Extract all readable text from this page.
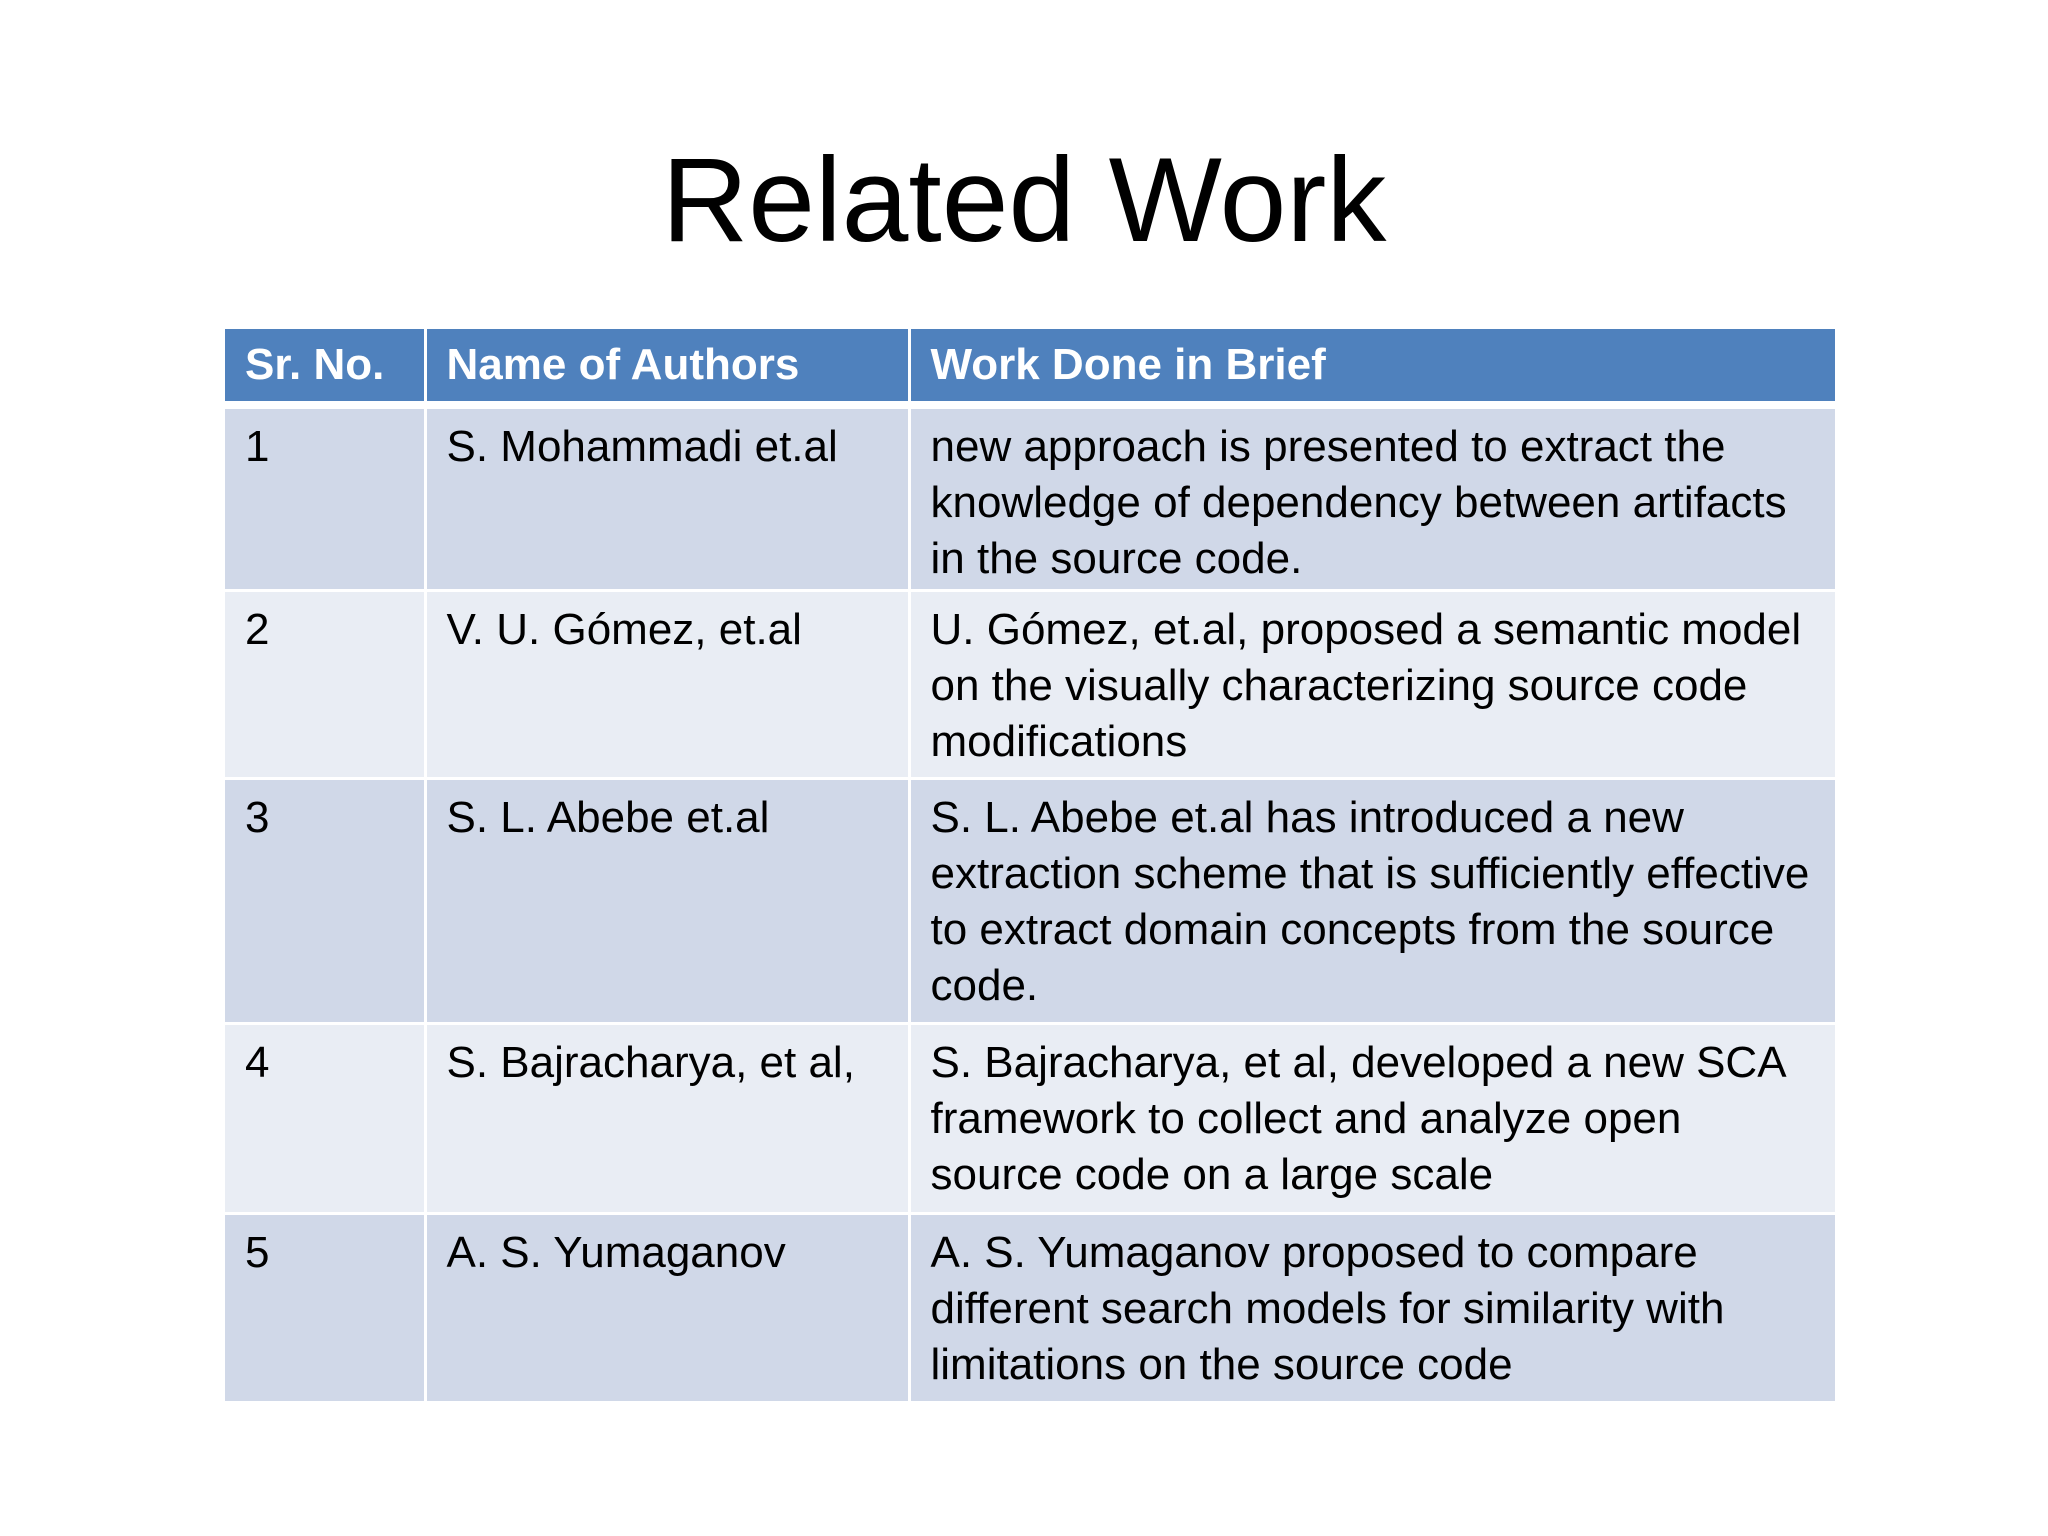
Related Work
Sr. No.	Name of Authors	Work Done in Brief
1	S. Mohammadi et.al	new approach is presented to extract the knowledge of dependency between artifacts in the source code.
2	V. U. Gómez, et.al	U. Gómez, et.al, proposed a semantic model on the visually characterizing source code modifications
3	S. L. Abebe et.al	S. L. Abebe et.al has introduced a new extraction scheme that is sufficiently effective to extract domain concepts from the source code.
4	S. Bajracharya, et al,	S. Bajracharya, et al, developed a new SCA framework to collect and analyze open source code on a large scale
5	A. S. Yumaganov	A. S. Yumaganov proposed to compare different search models for similarity with limitations on the source code
